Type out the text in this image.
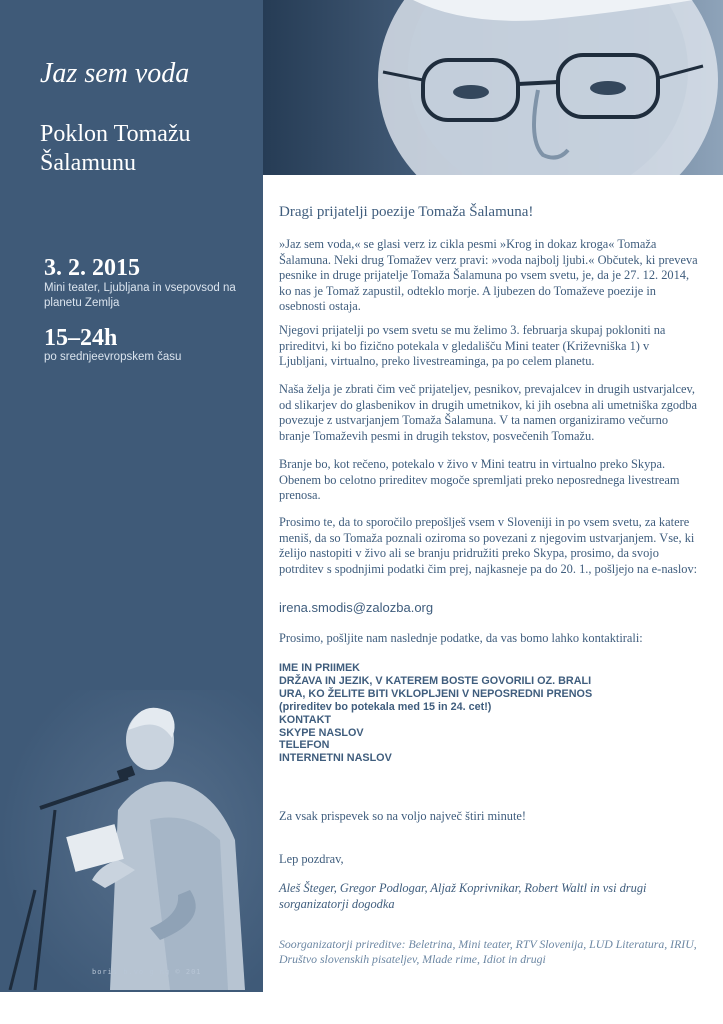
Jaz sem voda
Poklon Tomažu Šalamunu
3. 2. 2015
Mini teater, Ljubljana in vsepovsod na planetu Zemlja
15–24h
po srednjeevropskem času
boris b.vo g ng © 201

Dragi prijatelji poezije Tomaža Šalamuna!

»Jaz sem voda,« se glasi verz iz cikla pesmi »Krog in dokaz kroga« Tomaža Šalamuna. Neki drug Tomažev verz pravi: »voda najbolj ljubi.« Občutek, ki preveva pesnike in druge prijatelje Tomaža Šalamuna po vsem svetu, je, da je 27. 12. 2014, ko nas je Tomaž zapustil, odteklo morje. A ljubezen do Tomaževe poezije in osebnosti ostaja.

Njegovi prijatelji po vsem svetu se mu želimo 3. februarja skupaj pokloniti na prireditvi, ki bo fizično potekala v gledališču Mini teater (Križevniška 1) v Ljubljani, virtualno, preko livestreaminga, pa po celem planetu.

Naša želja je zbrati čim več prijateljev, pesnikov, prevajalcev in drugih ustvarjalcev, od slikarjev do glasbenikov in drugih umetnikov, ki jih osebna ali umetniška zgodba povezuje z ustvarjanjem Tomaža Šalamuna. V ta namen organiziramo večurno branje Tomaževih pesmi in drugih tekstov, posvečenih Tomažu.

Branje bo, kot rečeno, potekalo v živo v Mini teatru in virtualno preko Skypa. Obenem bo celotno prireditev mogoče spremljati preko neposrednega livestream prenosa.

Prosimo te, da to sporočilo prepošlješ vsem v Sloveniji in po vsem svetu, za katere meniš, da so Tomaža poznali oziroma so povezani z njegovim ustvarjanjem. Vse, ki želijo nastopiti v živo ali se branju pridružiti preko Skypa, prosimo, da svojo potrditev s spodnjimi podatki čim prej, najkasneje pa do 20. 1., pošljejo na e-naslov:

irena.smodis@zalozba.org

Prosimo, pošljite nam naslednje podatke, da vas bomo lahko kontaktirali:

IME IN PRIIMEK
DRŽAVA IN JEZIK, V KATEREM BOSTE GOVORILI OZ. BRALI
URA, KO ŽELITE BITI VKLOPLJENI V NEPOSREDNI PRENOS
(prireditev bo potekala med 15 in 24. cet!)
KONTAKT
SKYPE NASLOV
TELEFON
INTERNETNI NASLOV

Za vsak prispevek so na voljo največ štiri minute!

Lep pozdrav,

Aleš Šteger, Gregor Podlogar, Aljaž Koprivnikar, Robert Waltl in vsi drugi sorganizatorji dogodka

Soorganizatorji prireditve: Beletrina, Mini teater, RTV Slovenija, LUD Literatura, IRIU, Društvo slovenskih pisateljev, Mlade rime, Idiot in drugi
